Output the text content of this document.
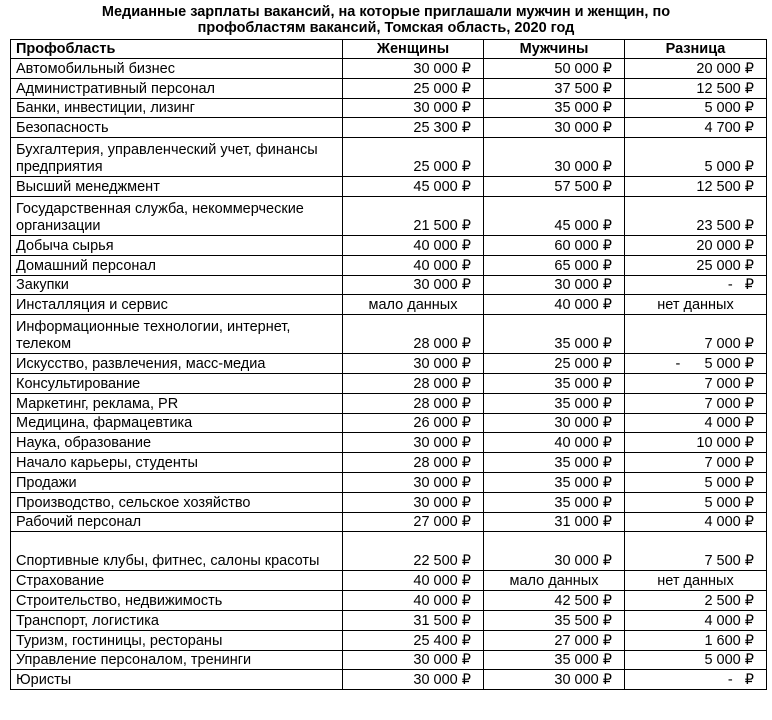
Медианные зарплаты вакансий, на которые приглашали мужчин и женщин, по
профобластям вакансий, Томская область, 2020 год
Профобласть	Женщины	Мужчины	Разница
Автомобильный бизнес	30 000 ₽	50 000 ₽	20 000 ₽
Административный персонал	25 000 ₽	37 500 ₽	12 500 ₽
Банки, инвестиции, лизинг	30 000 ₽	35 000 ₽	5 000 ₽
Безопасность	25 300 ₽	30 000 ₽	4 700 ₽
Бухгалтерия, управленческий учет, финансы предприятия	25 000 ₽	30 000 ₽	5 000 ₽
Высший менеджмент	45 000 ₽	57 500 ₽	12 500 ₽
Государственная служба, некоммерческие организации	21 500 ₽	45 000 ₽	23 500 ₽
Добыча сырья	40 000 ₽	60 000 ₽	20 000 ₽
Домашний персонал	40 000 ₽	65 000 ₽	25 000 ₽
Закупки	30 000 ₽	30 000 ₽	-   ₽
Инсталляция и сервис	мало данных	40 000 ₽	нет данных
Информационные технологии, интернет, телеком	28 000 ₽	35 000 ₽	7 000 ₽
Искусство, развлечения, масс-медиа	30 000 ₽	25 000 ₽	-      5 000 ₽
Консультирование	28 000 ₽	35 000 ₽	7 000 ₽
Маркетинг, реклама, PR	28 000 ₽	35 000 ₽	7 000 ₽
Медицина, фармацевтика	26 000 ₽	30 000 ₽	4 000 ₽
Наука, образование	30 000 ₽	40 000 ₽	10 000 ₽
Начало карьеры, студенты	28 000 ₽	35 000 ₽	7 000 ₽
Продажи	30 000 ₽	35 000 ₽	5 000 ₽
Производство, сельское хозяйство	30 000 ₽	35 000 ₽	5 000 ₽
Рабочий персонал	27 000 ₽	31 000 ₽	4 000 ₽
Спортивные клубы, фитнес, салоны красоты	22 500 ₽	30 000 ₽	7 500 ₽
Страхование	40 000 ₽	мало данных	нет данных
Строительство, недвижимость	40 000 ₽	42 500 ₽	2 500 ₽
Транспорт, логистика	31 500 ₽	35 500 ₽	4 000 ₽
Туризм, гостиницы, рестораны	25 400 ₽	27 000 ₽	1 600 ₽
Управление персоналом, тренинги	30 000 ₽	35 000 ₽	5 000 ₽
Юристы	30 000 ₽	30 000 ₽	-   ₽
